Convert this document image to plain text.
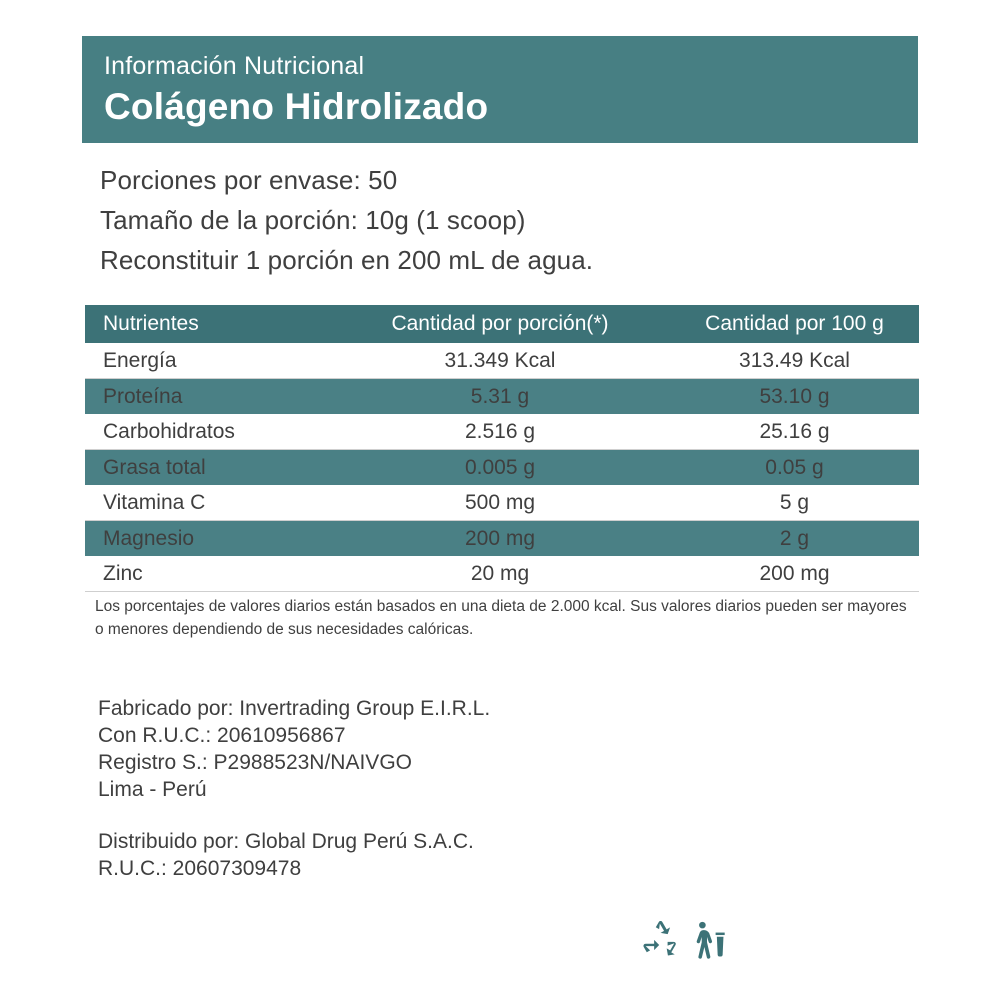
Información Nutricional
Colágeno Hidrolizado
Porciones por envase: 50
Tamaño de la porción: 10g (1 scoop)
Reconstituir 1 porción en 200 mL de agua.
Nutrientes	Cantidad por porción(*)	Cantidad por 100 g
Energía	31.349 Kcal	313.49 Kcal
Proteína	5.31 g	53.10 g
Carbohidratos	2.516 g	25.16 g
Grasa total	0.005 g	0.05 g
Vitamina C	500 mg	5 g
Magnesio	200 mg	2 g
Zinc	20 mg	200 mg
Los porcentajes de valores diarios están basados en una dieta de 2.000 kcal. Sus valores diarios pueden ser mayores o menores dependiendo de sus necesidades calóricas.
Fabricado por: Invertrading Group E.I.R.L.
Con R.U.C.: 20610956867
Registro S.: P2988523N/NAIVGO
Lima - Perú
Distribuido por: Global Drug Perú S.A.C.
R.U.C.: 20607309478
